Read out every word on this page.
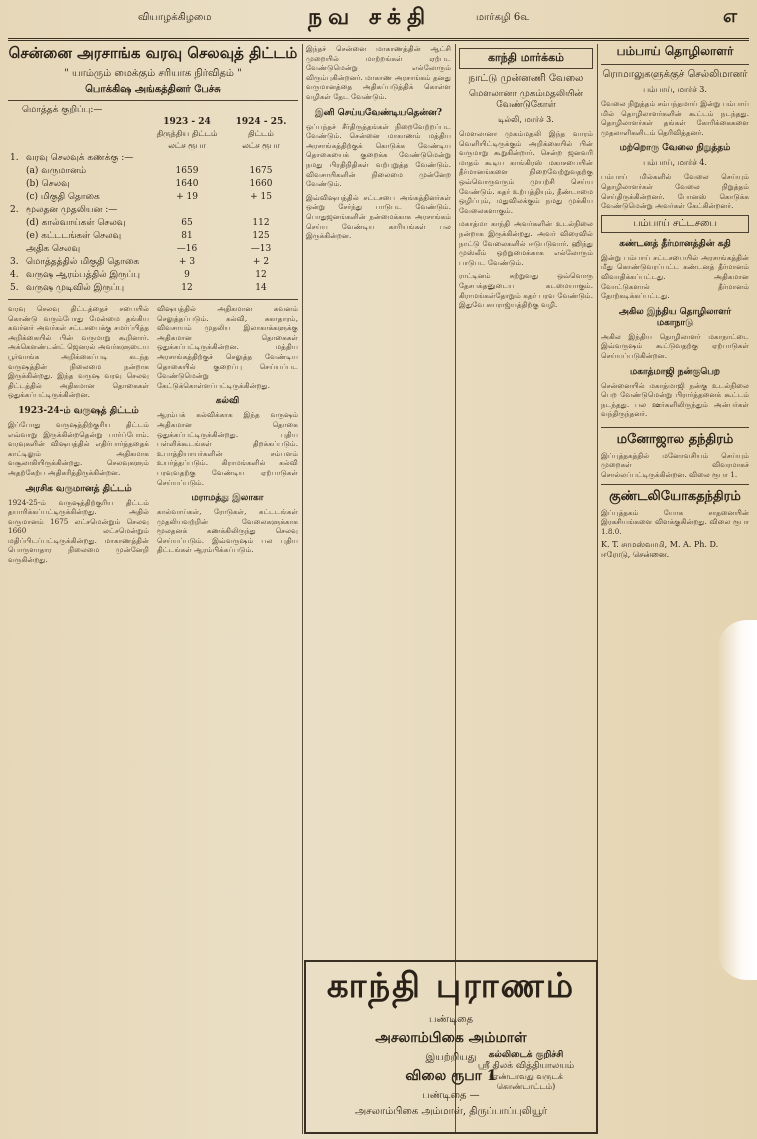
வியாழக்கிழமை	நவ சக்தி	மார்கழி 6௳	எ
சென்னை அரசாங்க வரவு செலவுத் திட்டம்
" யாம்ரும் மைக்கும் சரியாக நிர்விதம் "
பொக்கிஷ அங்கத்தினர் பேச்சு
மொத்தக் குறிப்பு:—
		1923 - 24	1924 - 25.
		திருத்திய திட்டம்	திட்டம்
		லட்ச ரூபா	லட்ச ரூபா
1.	வரவு செலவுக் கணக்கு :—		
	(a) வருமானம்	1659	1675
	(b) செலவு	1640	1660
	(c) மிகுதி தொகை	+ 19	+ 15
2.	மூலதன முதலியன :—		
	(d) கால்வாய்கள் செலவு	65	112
	(e) கட்டடங்கள் செலவு	81	125
	அதிக செலவு	—16	—13
3.	மொத்தத்தில் மிகுதி தொகை	+ 3	+ 2
4.	வருஷ ஆரம்பத்தில் இருப்பு	9	12
5.	வருஷ முடிவில் இருப்பு	12	14
வரவு செலவு திட்டத்தைச் சபையில் கொண்டு வரும்போது மேன்மை தங்கிய கவர்னர் அவர்கள் சட்டசபைக்கு சமர்ப்பித்த அறிக்கையில் பின் வருமாறு கூறினார். அக்கௌண்டன்ட் ஜெனரல் அவர்களுடைய பூர்வாங்க அறிக்கைப்படி கடந்த வருஷத்தின் நிலைமை நன்றாக இருக்கின்றது. இந்த வருஷ வரவு செலவு திட்டத்தில் அதிகமான தொகைகள் ஒதுக்கப்பட்டிருக்கின்றன.
1923-24-ம் வருஷத் திட்டம்
இப்போது வருஷத்திற்குரிய திட்டம் எவ்வாறு இருக்கின்றதென்று பார்ப்போம். வரவுகளின் விஷயத்தில் எதிர்பார்த்ததைக் காட்டிலும் அதிகமாக வசூலாகியிருக்கின்றது. செலவுகளும் அதற்கேற்ப அதிகரித்திருக்கின்றன.
அரசிக வருமானத் திட்டம்
1924-25-ம் வருஷத்திற்குரிய திட்டம் தயாரிக்கப்பட்டிருக்கின்றது. அதில் வருமானம் 1675 லட்சமென்றும் செலவு 1660 லட்சமென்றும் மதிப்பிடப்பட்டிருக்கின்றது. மாகாணத்தின் பொருளாதார நிலைமை முன்னேறி வருகின்றது.
விஷயத்தில் அதிகமான கவனம் செலுத்தப்படும். கல்வி, சுகாதாரம், விவசாயம் முதலிய இலாகாக்களுக்கு அதிகமான தொகைகள் ஒதுக்கப்பட்டிருக்கின்றன. மத்திய அரசாங்கத்திற்குச் செலுத்த வேண்டிய தொகையில் குறைப்பு செய்யப்பட வேண்டுமென்று கேட்டுக்கொள்ளப்பட்டிருக்கின்றது.
கல்வி
ஆரம்பக் கல்விக்காக இந்த வருஷம் அதிகமான தொகை ஒதுக்கப்பட்டிருக்கின்றது. புதிய பள்ளிக்கூடங்கள் திறக்கப்படும். உபாத்தியாயர்களின் சம்பளம் உயர்த்தப்படும். கிராமங்களில் கல்வி பரவுவதற்கு வேண்டிய ஏற்பாடுகள் செய்யப்படும்.
மராமத்து இலாகா
கால்வாய்கள், ரோடுகள், கட்டடங்கள் முதலியவற்றின் வேலைகளுக்காக மூலதனக் கணக்கிலிருந்து செலவு செய்யப்படும். இவ்வருஷம் பல புதிய திட்டங்கள் ஆரம்பிக்கப்படும்.
இந்தச் சென்னை மாகாணத்தின் ஆட்சி முறையில் மாற்றங்கள் ஏற்பட வேண்டுமென்று எல்லோரும் விரும்புகின்றனர். மாகாண அரசாங்கம் தனது வருமானத்தை அதிகப்படுத்திக் கொள்ள வழிகள் தேட வேண்டும்.
இனி செய்யவேண்டியதென்ன?
ஒப்பந்தச் சீர்திருத்தங்கள் நிறைவேற்றப்பட வேண்டும். சென்னை மாகாணம் மத்திய அரசாங்கத்திற்குக் கொடுக்க வேண்டிய தொகையைக் குறைக்க வேண்டுமென்று நமது பிரதிநிதிகள் வற்புறுத்த வேண்டும். விவசாயிகளின் நிலைமை முன்னேற வேண்டும்.
இவ்விஷயத்தில் சட்டசபை அங்கத்தினர்கள் ஒன்று சேர்ந்து பாடுபட வேண்டும். பொதுஜனங்களின் நன்மைக்காக அரசாங்கம் செய்ய வேண்டிய காரியங்கள் பல இருக்கின்றன.
காந்தி மார்க்கம்
நாட்டு முன்னணி வேலை
மௌலானா முகம்மதலியின் வேண்டுகோள்
டில்லி, மார்ச் 3.
மௌலானா முகம்மதலி இந்த வாரம் வெளியிட்டிருக்கும் அறிக்கையில் பின் வருமாறு கூறுகின்றார். சென்ற ஜனவரி மாதம் கூடிய காங்கிரஸ் மகாசபையின் தீர்மானங்களை நிறைவேற்றுவதற்கு ஒவ்வொருவரும் முயற்சி செய்ய வேண்டும். கதர் உற்பத்தியும், தீண்டாமை ஒழிப்பும், மதுவிலக்கும் நமது முக்கிய வேலைகளாகும்.
மகாத்மா காந்தி அவர்களின் உடல்நிலை நன்றாக இருக்கின்றது. அவர் விரைவில் நாட்டு வேலைகளில் ஈடுபடுவார். ஹிந்து முஸ்லீம் ஒற்றுமைக்காக எல்லோரும் பாடுபட வேண்டும்.
ராட்டினம் சுற்றுவது ஒவ்வொரு தேசபக்தனுடைய கடமையாகும். கிராமங்கள்தோறும் கதர் பரவ வேண்டும். இதுவே சுயராஜ்யத்திற்கு வழி.
கல்லிடைக் குறிச்சி
ஸ்ரீ திலக் வித்தியாலயம்
(ஏண்டாவது வருடக் கொண்டாட்டம்)
பம்பாய் தொழிலாளர்
ரொமாலுகளுக்குச் செல்லிமானர்
பம்பாய், மார்ச் 3.
வேலை நிறுத்தம் சம்பந்தமாய் இன்று பம்பாய் மில் தொழிலாளர்களின் கூட்டம் நடந்தது. தொழிலாளர்கள் தங்கள் கோரிக்கைகளை முதலாளிகளிடம் தெரிவித்தனர்.
மற்றொரு வேலை நிறுத்தம்
பம்பாய், மார்ச் 4.
பம்பாய் மில்களில் வேலை செய்யும் தொழிலாளர்கள் வேலை நிறுத்தம் செய்திருக்கின்றனர். போனஸ் கொடுக்க வேண்டுமென்று அவர்கள் கேட்கின்றனர்.
பம்பாய் சட்டசபை
கண்டனத் தீர்மானத்தின் கதி
இன்று பம்பாய் சட்டசபையில் அரசாங்கத்தின் மீது கொண்டுவரப்பட்ட கண்டனத் தீர்மானம் விவாதிக்கப்பட்டது. அதிகமான வோட்டுகளால் தீர்மானம் தோற்கடிக்கப்பட்டது.
அகில இந்திய தொழிலாளர் மகாநாடு
அகில இந்திய தொழிலாளர் மகாநாட்டை இவ்வருஷம் கூட்டுவதற்கு ஏற்பாடுகள் செய்யப்படுகின்றன.
மகாத்மாஜி நன்குபெற
சென்னையில் மகாத்மாஜி நன்கு உடல்நிலை பெற வேண்டுமென்று பிரார்த்தனைக் கூட்டம் நடந்தது. பல ஊர்களிலிருந்தும் அன்பர்கள் வந்திருந்தனர்.
மனோஜால தந்திரம்
இப்புத்தகத்தில் மனோவசியம் செய்யும் முறைகள் விவரமாகச் சொல்லப்பட்டிருக்கின்றன. விலை ரூபா 1.
குண்டலியோகதந்திரம்
இப்புத்தகம் யோக சாதனையின் இரகசியங்களை விளக்குகின்றது. விலை ரூபா 1.8.0.
K. T. சாமஸ்வாமி, M. A. Ph. D.
ஈரோடு, சென்னை.
காந்தி புராணம்
பண்டிதை
அசலாம்பிகை அம்மாள்
இயற்றியது
விலை ரூபா 1
பண்டிதை —
அசலாம்பிகை அம்மாள், திருப்பாப்புலியூர்
